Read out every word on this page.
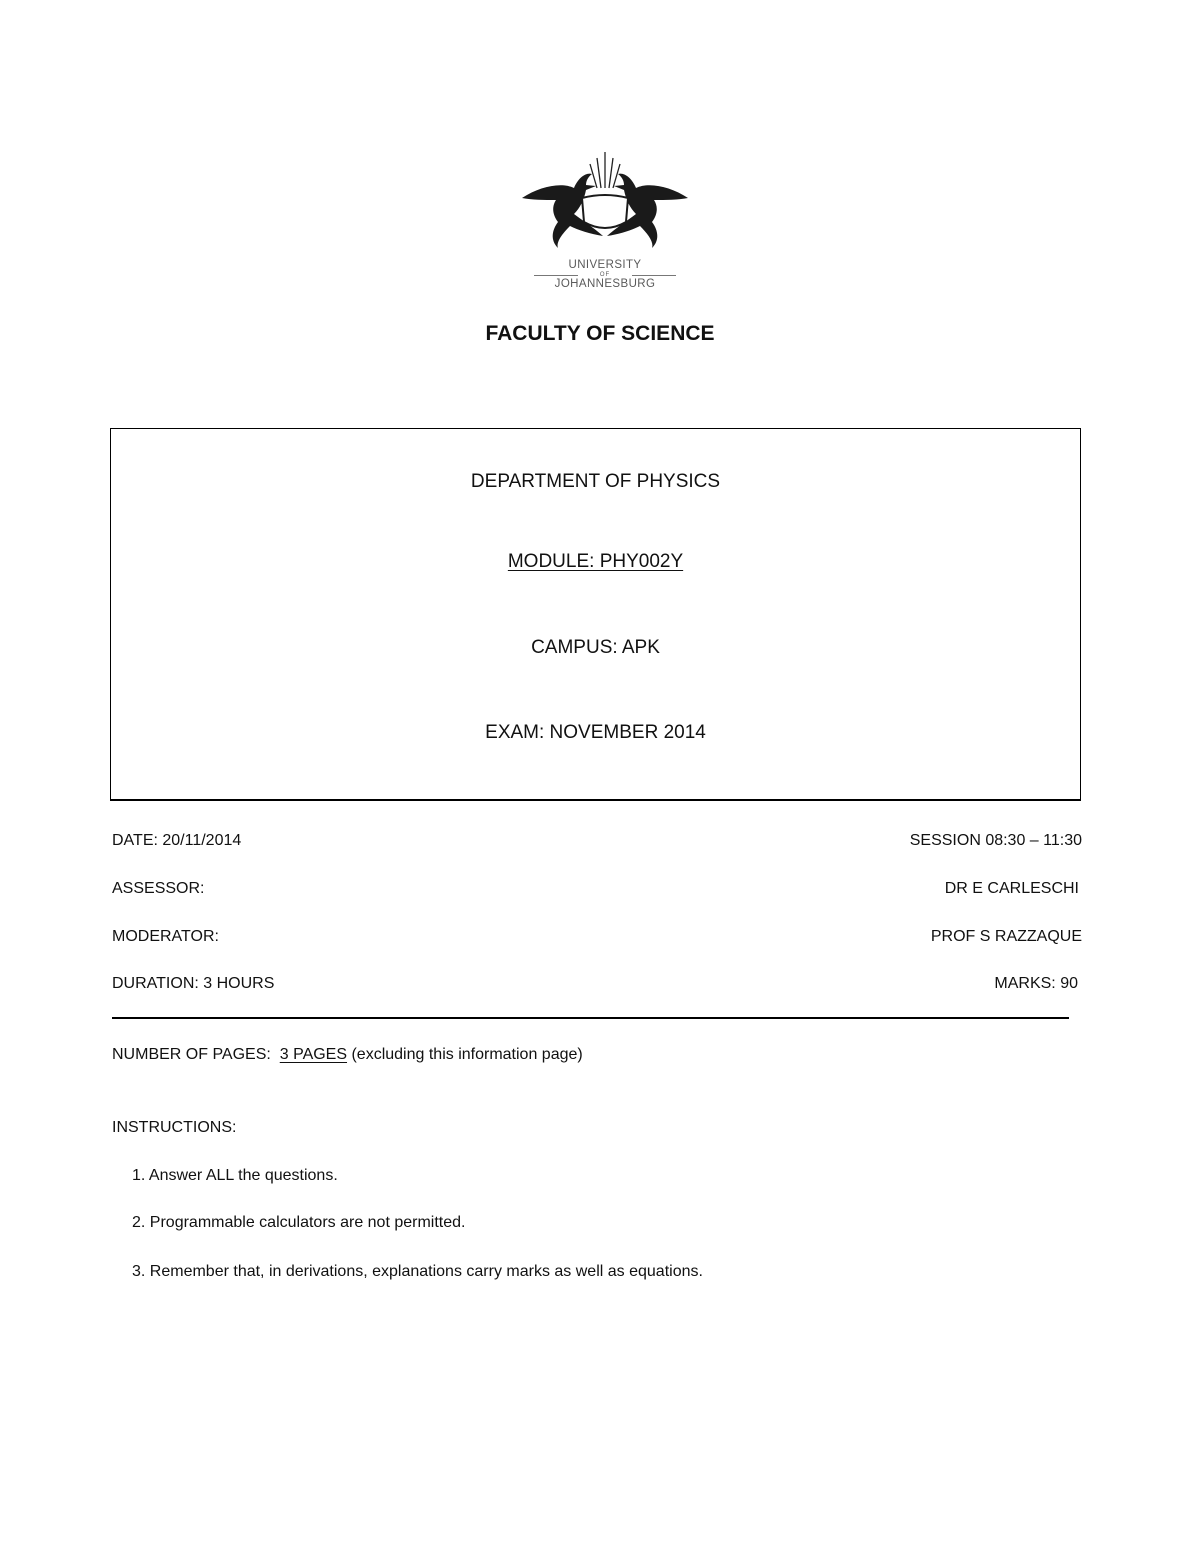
UNIVERSITY
OF
JOHANNESBURG
FACULTY OF SCIENCE
DEPARTMENT OF PHYSICS
MODULE: PHY002Y
CAMPUS: APK
EXAM: NOVEMBER 2014
DATE: 20/11/2014	SESSION 08:30 – 11:30
ASSESSOR:	DR E CARLESCHI
MODERATOR:	PROF S RAZZAQUE
DURATION: 3 HOURS	MARKS: 90
NUMBER OF PAGES:  3 PAGES (excluding this information page)
INSTRUCTIONS:
1. Answer ALL the questions.
2. Programmable calculators are not permitted.
3. Remember that, in derivations, explanations carry marks as well as equations.
